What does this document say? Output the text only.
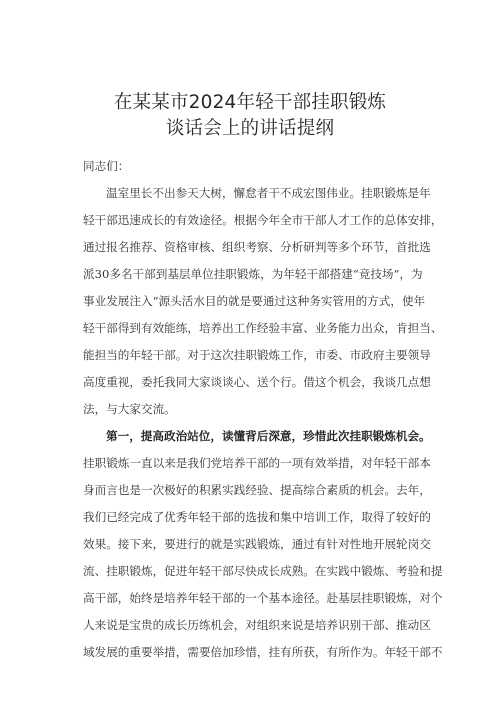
在某某市2024年轻干部挂职锻炼
谈话会上的讲话提纲
同志们：
温室里长不出参天大树，懈怠者干不成宏图伟业。挂职锻炼是年
轻干部迅速成长的有效途径。根据今年全市干部人才工作的总体安排，
通过报名推荐、资格审核、组织考察、分析研判等多个环节，首批选
派30多名干部到基层单位挂职锻炼，为年轻干部搭建“竞技场”，为
事业发展注入“源头活水目的就是要通过这种务实管用的方式，使年
轻干部得到有效能练，培养出工作经验丰富、业务能力出众，肯担当、
能担当的年轻干部。对于这次挂职锻炼工作，市委、市政府主要领导
高度重视，委托我同大家谈谈心、送个行。借这个机会，我谈几点想
法，与大家交流。
第一，提高政治站位，读懂背后深意，珍惜此次挂职锻炼机会。
挂职锻炼一直以来是我们党培养干部的一项有效举措，对年轻干部本
身而言也是一次极好的积累实践经验、提高综合素质的机会。去年，
我们已经完成了优秀年轻干部的选拔和集中培训工作，取得了较好的
效果。接下来，要进行的就是实践锻炼，通过有针对性地开展轮岗交
流、挂职锻炼，促进年轻干部尽快成长成熟。在实践中锻炼、考验和提
高干部，始终是培养年轻干部的一个基本途径。赴基层挂职锻炼，对个
人来说是宝贵的成长历练机会，对组织来说是培养识别干部、推动区
域发展的重要举措，需要倍加珍惜，挂有所获，有所作为。年轻干部不
